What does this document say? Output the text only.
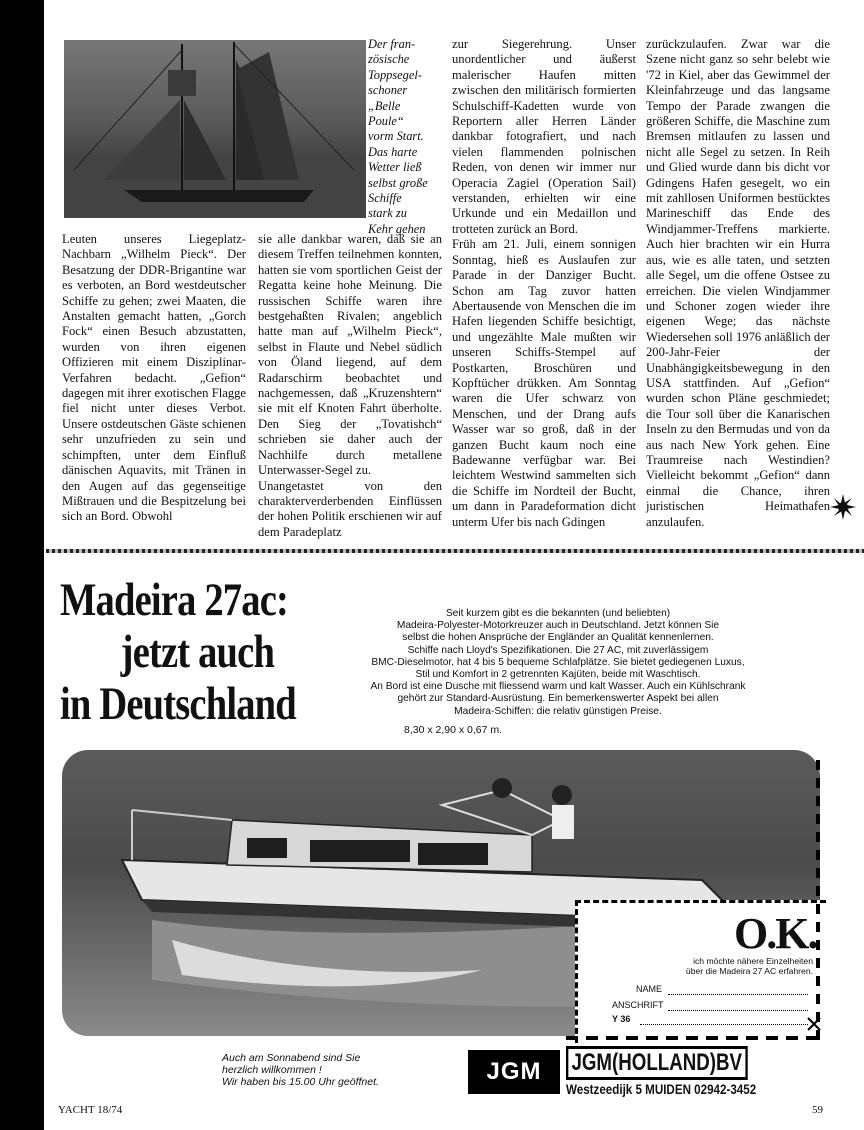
Der fran-
zösische
Toppsegel-
schoner
„Belle
Poule“
vorm Start.
Das harte
Wetter ließ
selbst große
Schiffe
stark zu
Kehr gehen
Leuten unseres Liegeplatz-Nachbarn „Wilhelm Pieck“. Der Besatzung der DDR-Brigantine war es verboten, an Bord westdeutscher Schiffe zu gehen; zwei Maaten, die Anstalten gemacht hatten, „Gorch Fock“ einen Besuch abzustatten, wurden von ihren eigenen Offizieren mit einem Disziplinar-Verfahren bedacht. „Gefion“ dagegen mit ihrer exotischen Flagge fiel nicht unter dieses Verbot. Unsere ostdeutschen Gäste schienen sehr unzufrieden zu sein und schimpften, unter dem Einfluß dänischen Aquavits, mit Tränen in den Augen auf das gegenseitige Mißtrauen und die Bespitzelung bei sich an Bord. Obwohl
sie alle dankbar waren, daß sie an diesem Treffen teilnehmen konnten, hatten sie vom sportlichen Geist der Regatta keine hohe Meinung. Die russischen Schiffe waren ihre bestgehaßten Rivalen; angeblich hatte man auf „Wilhelm Pieck“, selbst in Flaute und Nebel südlich von Öland liegend, auf dem Radarschirm beobachtet und nachgemessen, daß „Kruzenshtern“ sie mit elf Knoten Fahrt überholte. Den Sieg der „Tovatishch“ schrieben sie daher auch der Nachhilfe durch metallene Unterwasser-Segel zu.
Unangetastet von den charakterverderbenden Einflüssen der hohen Politik erschienen wir auf dem Paradeplatz
zur Siegerehrung. Unser unordentlicher und äußerst malerischer Haufen mitten zwischen den militärisch formierten Schulschiff-Kadetten wurde von Reportern aller Herren Länder dankbar fotografiert, und nach vielen flammenden polnischen Reden, von denen wir immer nur Operacia Zagiel (Operation Sail) verstanden, erhielten wir eine Urkunde und ein Medaillon und trotteten zurück an Bord.
Früh am 21. Juli, einem sonnigen Sonntag, hieß es Auslaufen zur Parade in der Danziger Bucht. Schon am Tag zuvor hatten Abertausende von Menschen die im Hafen liegenden Schiffe besichtigt, und ungezählte Male mußten wir unseren Schiffs-Stempel auf Postkarten, Broschüren und Kopftücher drükken. Am Sonntag waren die Ufer schwarz von Menschen, und der Drang aufs Wasser war so groß, daß in der ganzen Bucht kaum noch eine Badewanne verfügbar war. Bei leichtem Westwind sammelten sich die Schiffe im Nordteil der Bucht, um dann in Paradeformation dicht unterm Ufer bis nach Gdingen
zurückzulaufen. Zwar war die Szene nicht ganz so sehr belebt wie '72 in Kiel, aber das Gewimmel der Kleinfahrzeuge und das langsame Tempo der Parade zwangen die größeren Schiffe, die Maschine zum Bremsen mitlaufen zu lassen und nicht alle Segel zu setzen. In Reih und Glied wurde dann bis dicht vor Gdingens Hafen gesegelt, wo ein mit zahllosen Uniformen bestücktes Marineschiff das Ende des Windjammer-Treffens markierte. Auch hier brachten wir ein Hurra aus, wie es alle taten, und setzten alle Segel, um die offene Ostsee zu erreichen. Die vielen Windjammer und Schoner zogen wieder ihre eigenen Wege; das nächste Wiedersehen soll 1976 anläßlich der 200-Jahr-Feier der Unabhängigkeitsbewegung in den USA stattfinden. Auf „Gefion“ wurden schon Pläne geschmiedet; die Tour soll über die Kanarischen Inseln zu den Bermudas und von da aus nach New York gehen. Eine Traumreise nach Westindien? Vielleicht bekommt „Gefion“ dann einmal die Chance, ihren juristischen Heimathafen anzulaufen.
Madeira 27ac:
jetzt auch
in Deutschland
Seit kurzem gibt es die bekannten (und beliebten)
Madeira-Polyester-Motorkreuzer auch in Deutschland. Jetzt können Sie
selbst die hohen Ansprüche der Engländer an Qualität kennenlernen.
Schiffe nach Lloyd's Spezifikationen. Die 27 AC, mit zuverlässigem
BMC-Dieselmotor, hat 4 bis 5 bequeme Schlafplätze. Sie bietet gediegenen Luxus,
Stil und Komfort in 2 getrennten Kajüten, beide mit Waschtisch.
An Bord ist eine Dusche mit fliessend warm und kalt Wasser. Auch ein Kühlschrank
gehört zur Standard-Ausrüstung. Ein bemerkenswerter Aspekt bei allen
Madeira-Schiffen: die relativ günstigen Preise.
8,30 x 2,90 x 0,67 m.
O.K.
ich möchte nähere Einzelheiten
über die Madeira 27 AC erfahren.
NAME
ANSCHRIFT
Y 36
Auch am Sonnabend sind Sie
herzlich willkommen !
Wir haben bis 15.00 Uhr geöffnet.	JGM	JGM(HOLLAND)BV
Westzeedijk 5 MUIDEN 02942-3452
YACHT 18/74	59
